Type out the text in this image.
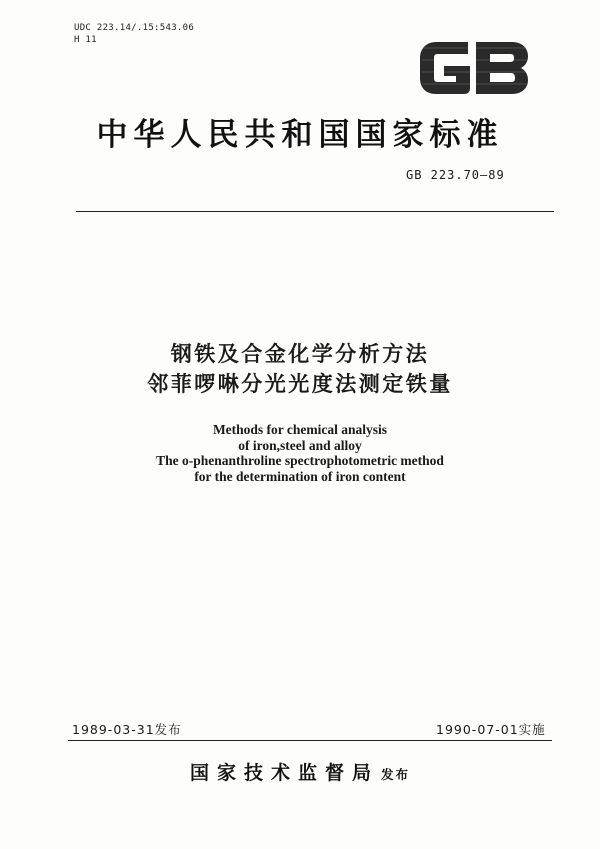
UDC 223.14/.15:543.06
H 11
中华人民共和国国家标准
GB 223.70—89
钢铁及合金化学分析方法
邻菲啰啉分光光度法测定铁量
Methods for chemical analysis
of iron,steel and alloy
The o-phenanthroline spectrophotometric method
for the determination of iron content
1989-03-31发布	1990-07-01实施
国家技术监督局 发布
